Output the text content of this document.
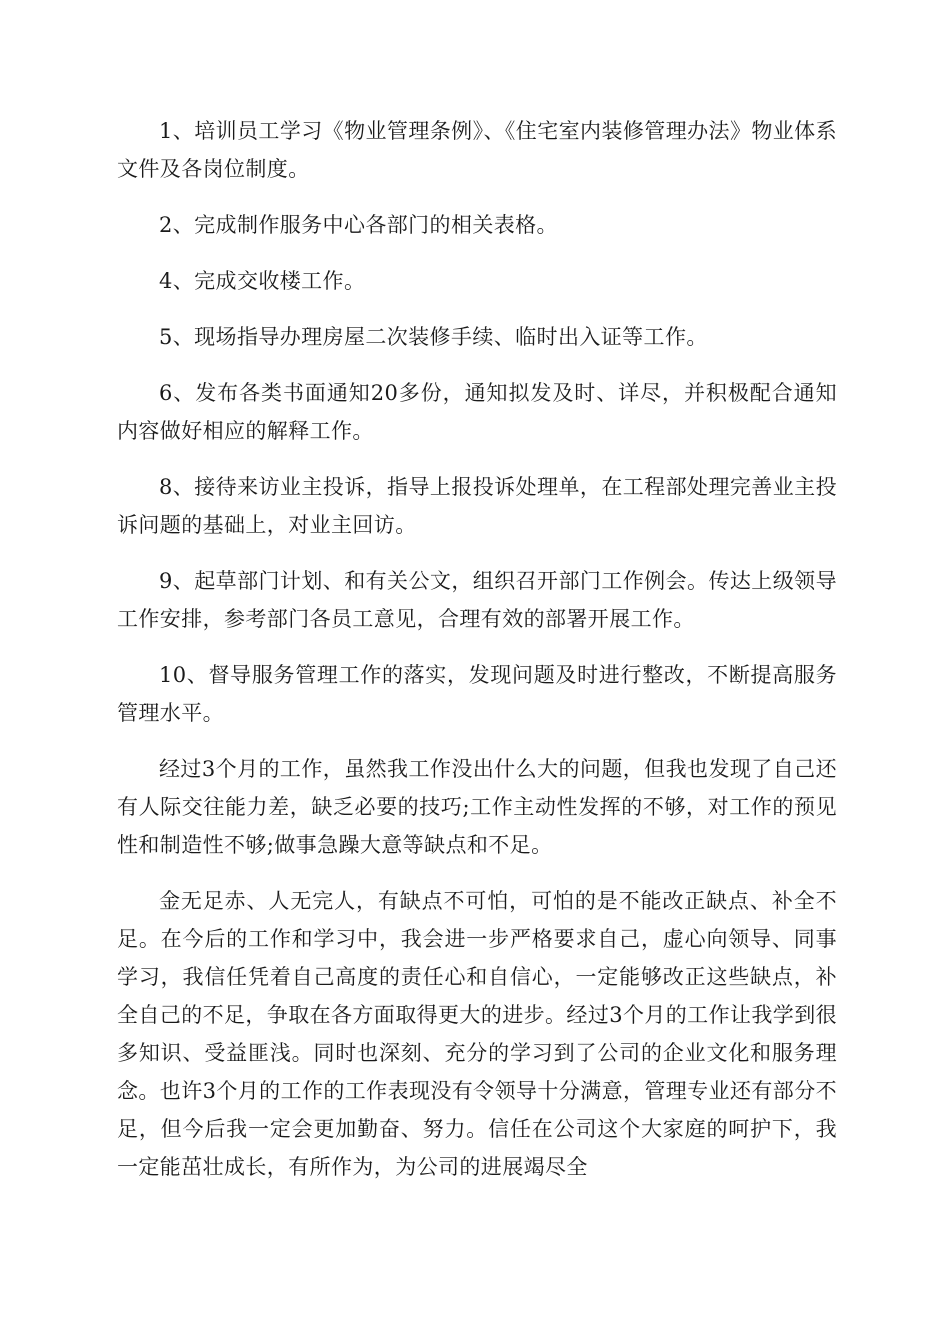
1、培训员工学习《物业管理条例》、《住宅室内装修管理办法》物业体系文件及各岗位制度。

2、完成制作服务中心各部门的相关表格。

4、完成交收楼工作。

5、现场指导办理房屋二次装修手续、临时出入证等工作。

6、发布各类书面通知20多份，通知拟发及时、详尽，并积极配合通知内容做好相应的解释工作。

8、接待来访业主投诉，指导上报投诉处理单，在工程部处理完善业主投诉问题的基础上，对业主回访。

9、起草部门计划、和有关公文，组织召开部门工作例会。传达上级领导工作安排，参考部门各员工意见，合理有效的部署开展工作。

10、督导服务管理工作的落实，发现问题及时进行整改，不断提高服务管理水平。

经过3个月的工作，虽然我工作没出什么大的问题，但我也发现了自己还有人际交往能力差，缺乏必要的技巧;工作主动性发挥的不够，对工作的预见性和制造性不够;做事急躁大意等缺点和不足。

金无足赤、人无完人，有缺点不可怕，可怕的是不能改正缺点、补全不足。在今后的工作和学习中，我会进一步严格要求自己，虚心向领导、同事学习，我信任凭着自己高度的责任心和自信心，一定能够改正这些缺点，补全自己的不足，争取在各方面取得更大的进步。经过3个月的工作让我学到很多知识、受益匪浅。同时也深刻、充分的学习到了公司的企业文化和服务理念。也许3个月的工作的工作表现没有令领导十分满意，管理专业还有部分不足，但今后我一定会更加勤奋、努力。信任在公司这个大家庭的呵护下，我一定能茁壮成长，有所作为，为公司的进展竭尽全
